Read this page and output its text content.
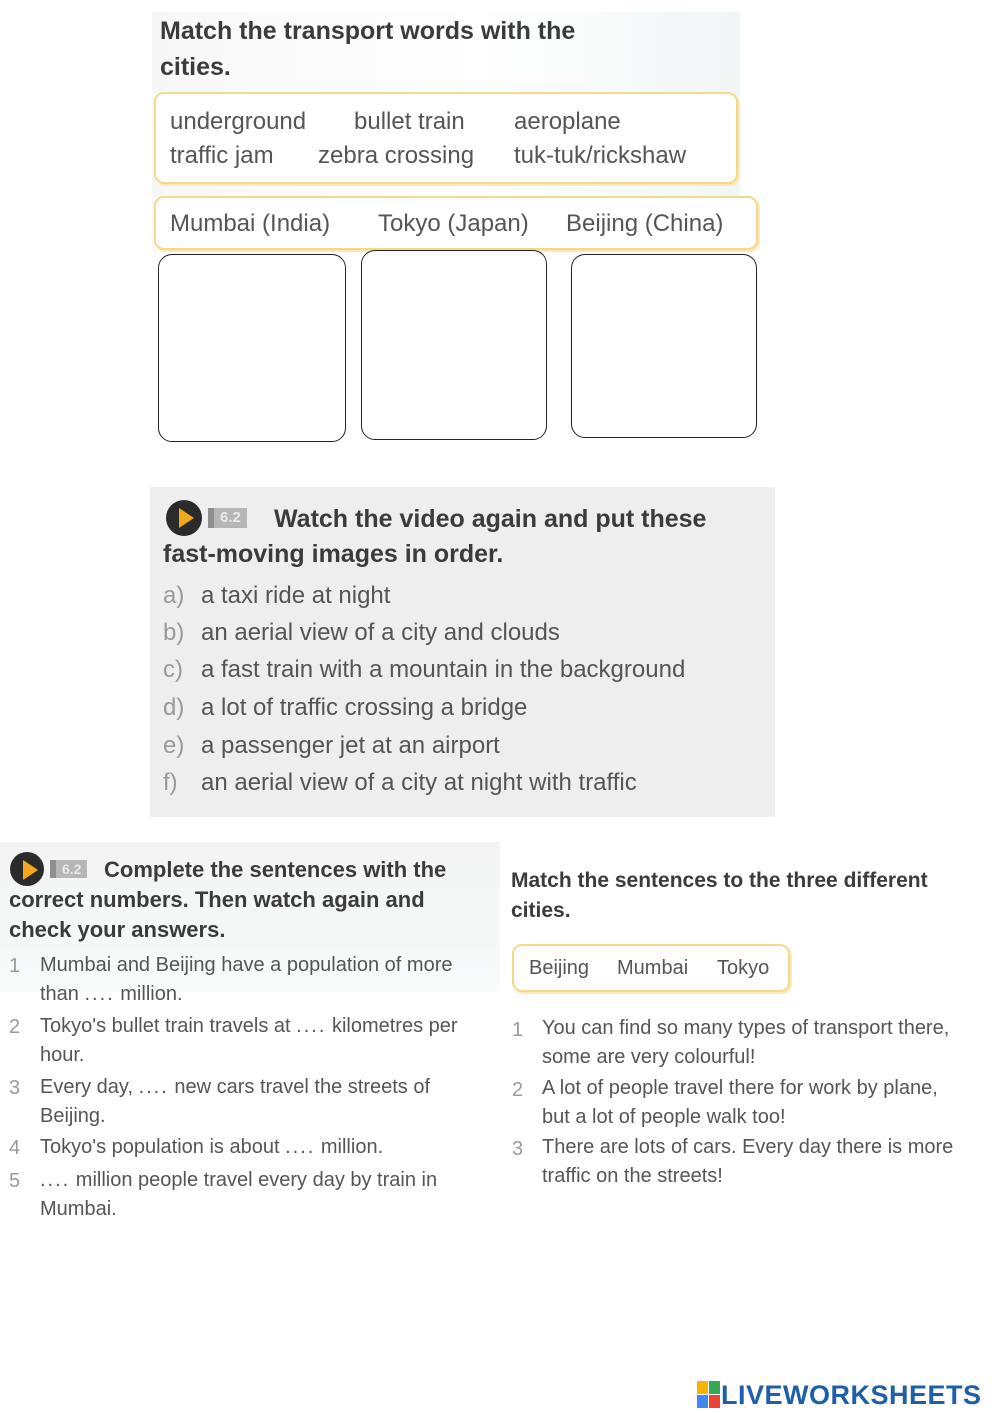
Match the transport words with the
cities.
underground bullet train aeroplane
traffic jam zebra crossing tuk-tuk/rickshaw
Mumbai (India) Tokyo (Japan) Beijing (China)
6.2 Watch the video again and put these
fast-moving images in order.
a) a taxi ride at night
b) an aerial view of a city and clouds
c) a fast train with a mountain in the background
d) a lot of traffic crossing a bridge
e) a passenger jet at an airport
f) an aerial view of a city at night with traffic
6.2 Complete the sentences with the
correct numbers. Then watch again and
check your answers.
1 Mumbai and Beijing have a population of more
than .... million.
2 Tokyo's bullet train travels at .... kilometres per
hour.
3 Every day, .... new cars travel the streets of
Beijing.
4 Tokyo's population is about .... million.
5 .... million people travel every day by train in
Mumbai.
Match the sentences to the three different
cities.
Beijing Mumbai Tokyo
1 You can find so many types of transport there,
some are very colourful!
2 A lot of people travel there for work by plane,
but a lot of people walk too!
3 There are lots of cars. Every day there is more
traffic on the streets!
LIVEWORKSHEETS
